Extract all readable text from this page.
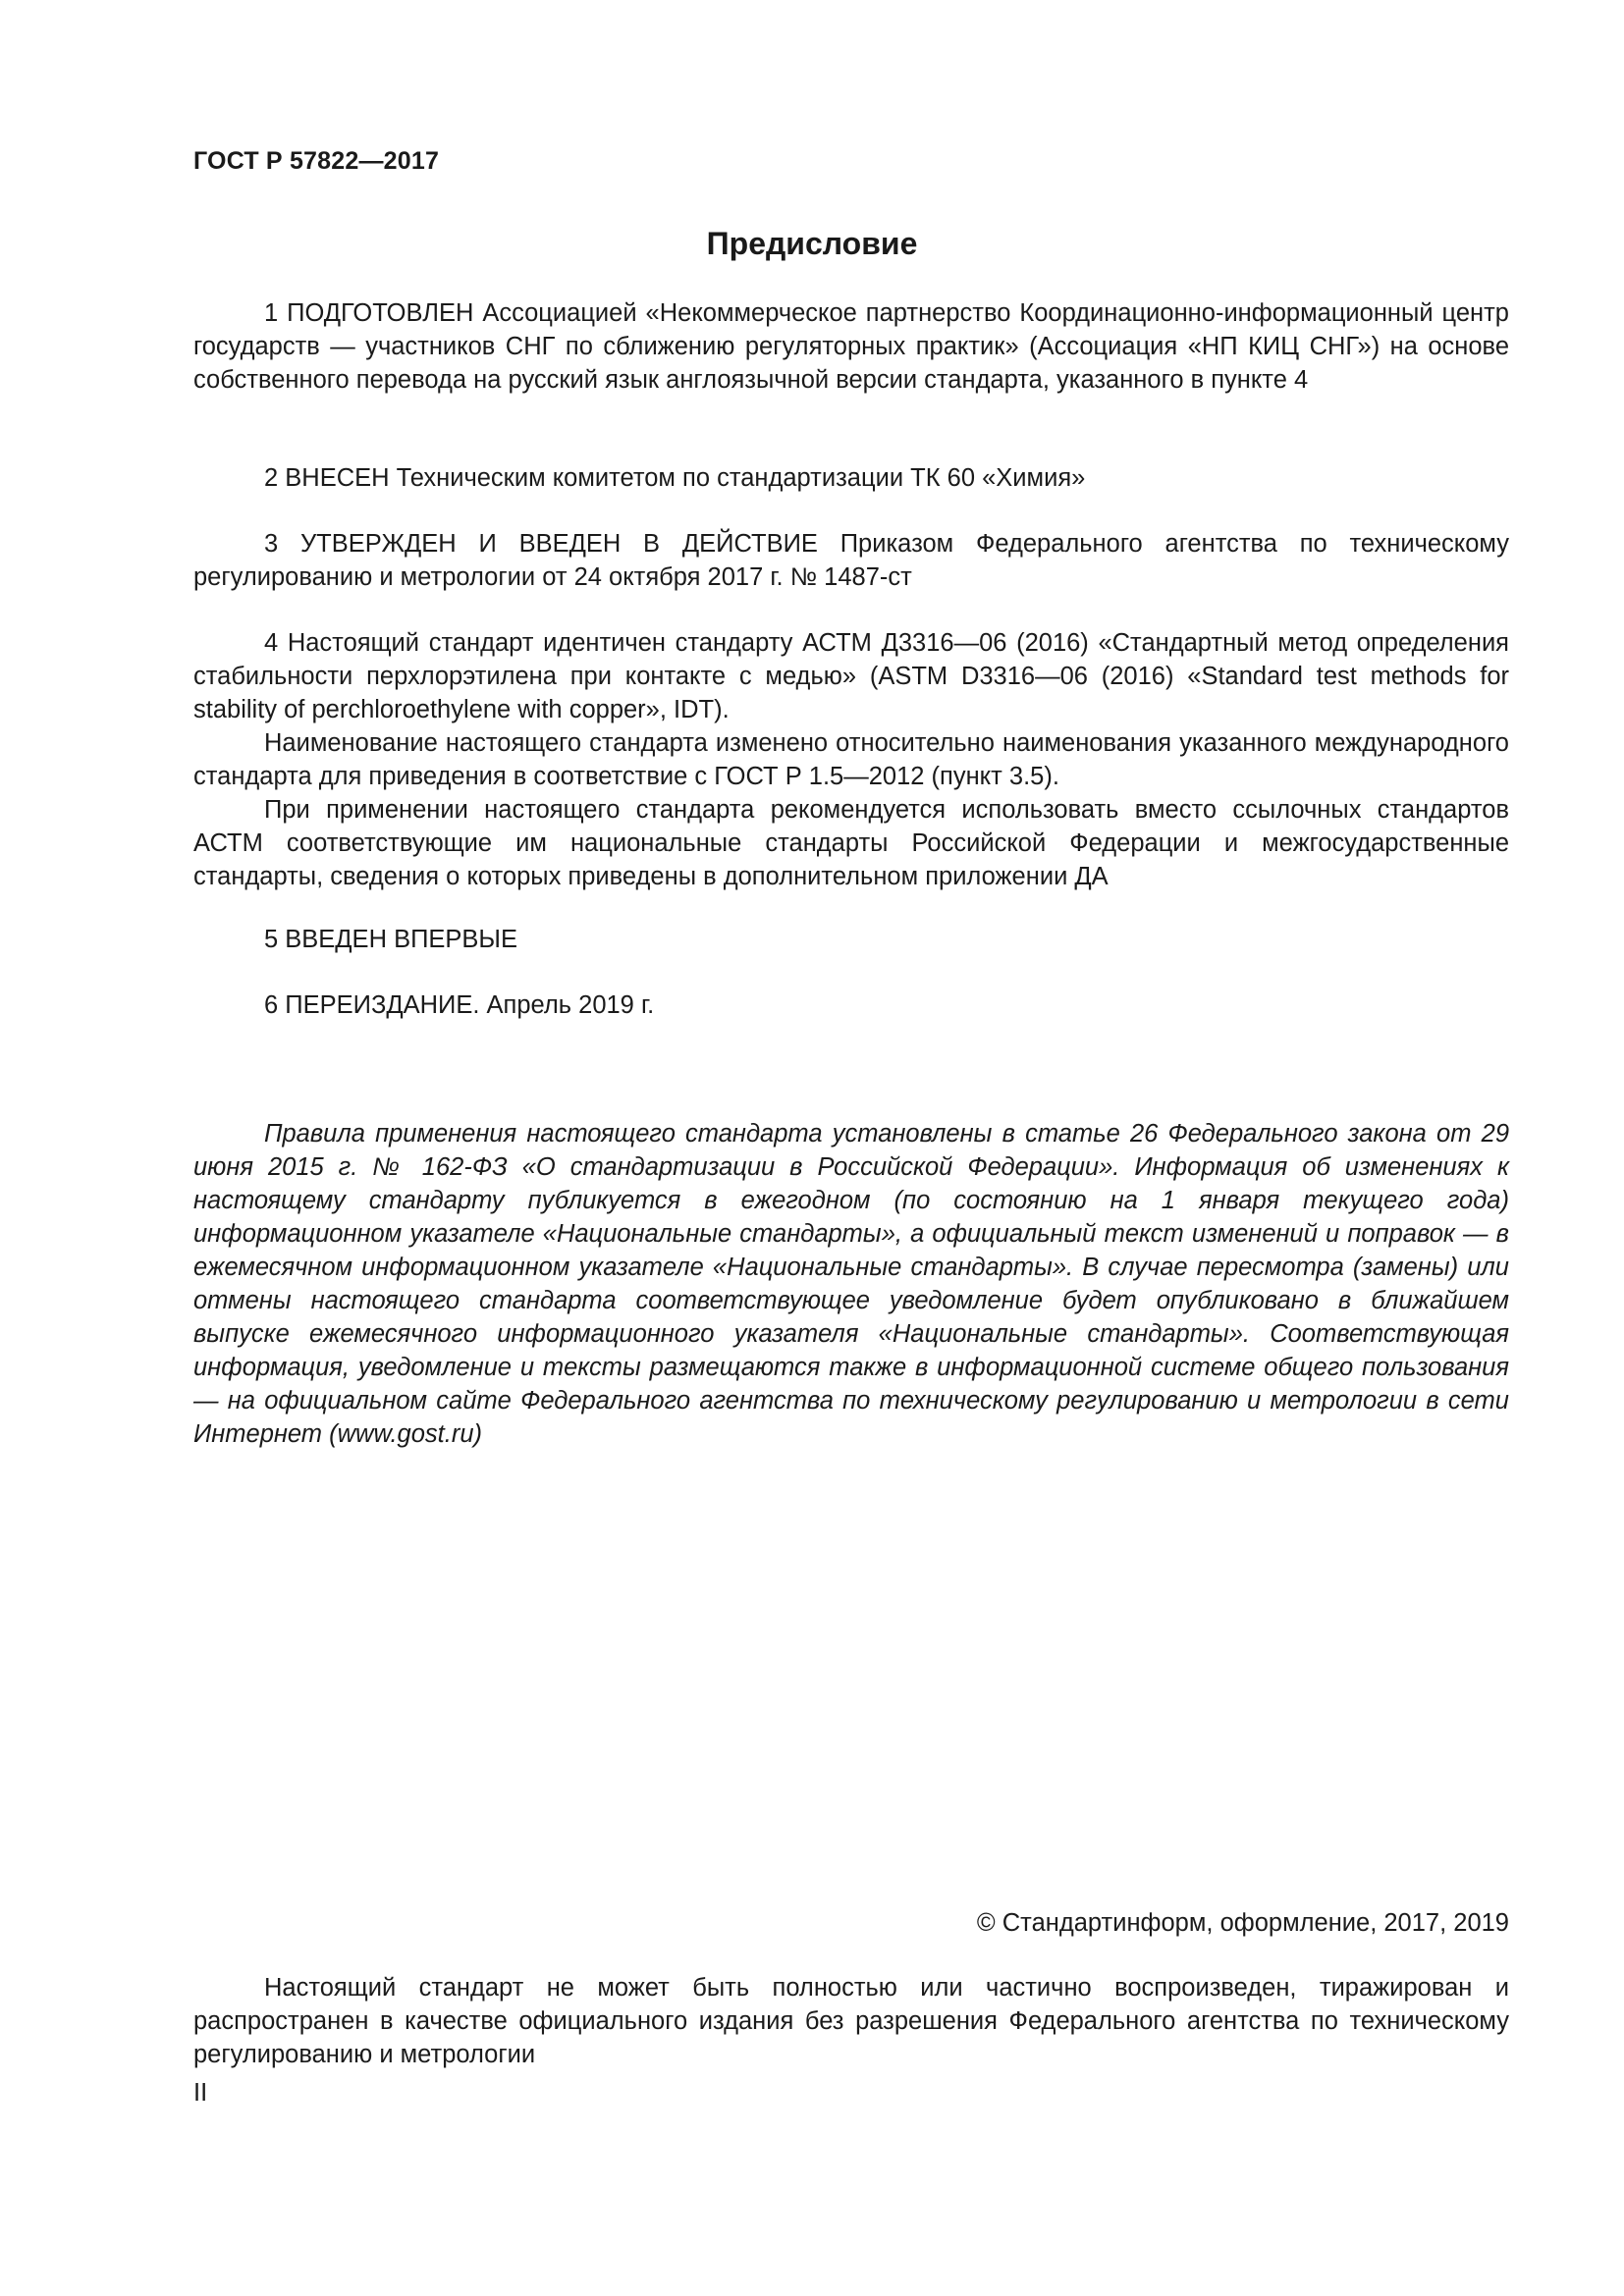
ГОСТ Р 57822—2017
Предисловие

1 ПОДГОТОВЛЕН Ассоциацией «Некоммерческое партнерство Координационно-информационный центр государств — участников СНГ по сближению регуляторных практик» (Ассоциация «НП КИЦ СНГ») на основе собственного перевода на русский язык англоязычной версии стандарта, указанного в пункте 4

2 ВНЕСЕН Техническим комитетом по стандартизации ТК 60 «Химия»

3 УТВЕРЖДЕН И ВВЕДЕН В ДЕЙСТВИЕ Приказом Федерального агентства по техническому регулированию и метрологии от 24 октября 2017 г. № 1487-ст

4 Настоящий стандарт идентичен стандарту АСТМ Д3316—06 (2016) «Стандартный метод определения стабильности перхлорэтилена при контакте с медью» (ASTM D3316—06 (2016) «Standard test methods for stability of perchloroethylene with copper», IDT).

Наименование настоящего стандарта изменено относительно наименования указанного международного стандарта для приведения в соответствие с ГОСТ Р 1.5—2012 (пункт 3.5).

При применении настоящего стандарта рекомендуется использовать вместо ссылочных стандартов АСТМ соответствующие им национальные стандарты Российской Федерации и межгосударственные стандарты, сведения о которых приведены в дополнительном приложении ДА

5 ВВЕДЕН ВПЕРВЫЕ

6 ПЕРЕИЗДАНИЕ. Апрель 2019 г.

Правила применения настоящего стандарта установлены в статье 26 Федерального закона от 29 июня 2015 г. № 162-ФЗ «О стандартизации в Российской Федерации». Информация об изменениях к настоящему стандарту публикуется в ежегодном (по состоянию на 1 января текущего года) информационном указателе «Национальные стандарты», а официальный текст изменений и поправок — в ежемесячном информационном указателе «Национальные стандарты». В случае пересмотра (замены) или отмены настоящего стандарта соответствующее уведомление будет опубликовано в ближайшем выпуске ежемесячного информационного указателя «Национальные стандарты». Соответствующая информация, уведомление и тексты размещаются также в информационной системе общего пользования — на официальном сайте Федерального агентства по техническому регулированию и метрологии в сети Интернет (www.gost.ru)

© Стандартинформ, оформление, 2017, 2019

Настоящий стандарт не может быть полностью или частично воспроизведен, тиражирован и распространен в качестве официального издания без разрешения Федерального агентства по техническому регулированию и метрологии

II
